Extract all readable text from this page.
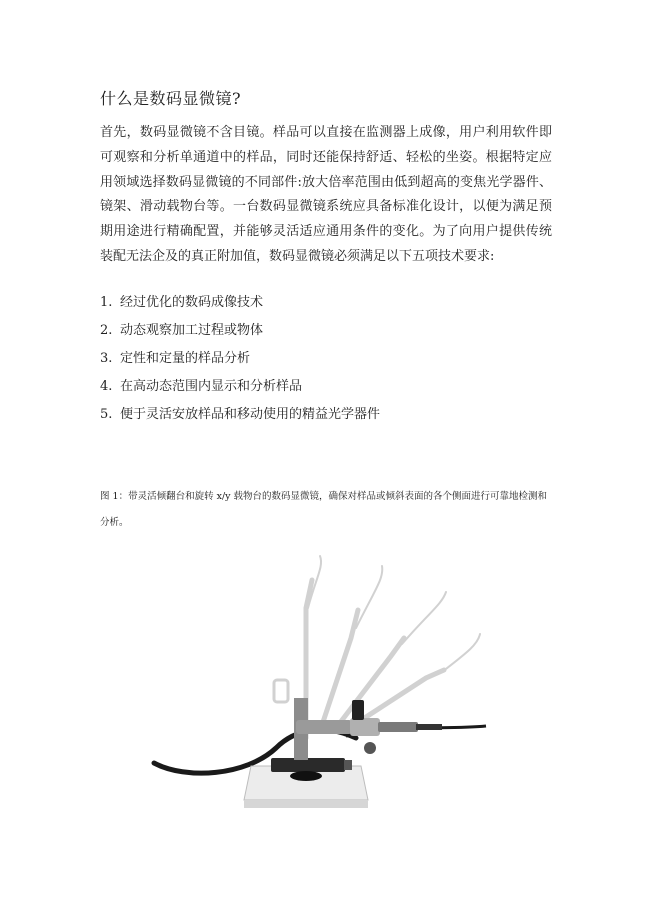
什么是数码显微镜?

首先，数码显微镜不含目镜。样品可以直接在监测器上成像，用户利用软件即可观察和分析单通道中的样品，同时还能保持舒适、轻松的坐姿。根据特定应用领域选择数码显微镜的不同部件:放大倍率范围由低到超高的变焦光学器件、镜架、滑动载物台等。一台数码显微镜系统应具备标准化设计，以便为满足预期用途进行精确配置，并能够灵活适应通用条件的变化。为了向用户提供传统装配无法企及的真正附加值，数码显微镜必须满足以下五项技术要求:

1. 经过优化的数码成像技术
2. 动态观察加工过程或物体
3. 定性和定量的样品分析
4. 在高动态范围内显示和分析样品
5. 便于灵活安放样品和移动使用的精益光学器件

图 1：带灵活倾翻台和旋转 x/y 载物台的数码显微镜，确保对样品或倾斜表面的各个侧面进行可靠地检测和分析。
